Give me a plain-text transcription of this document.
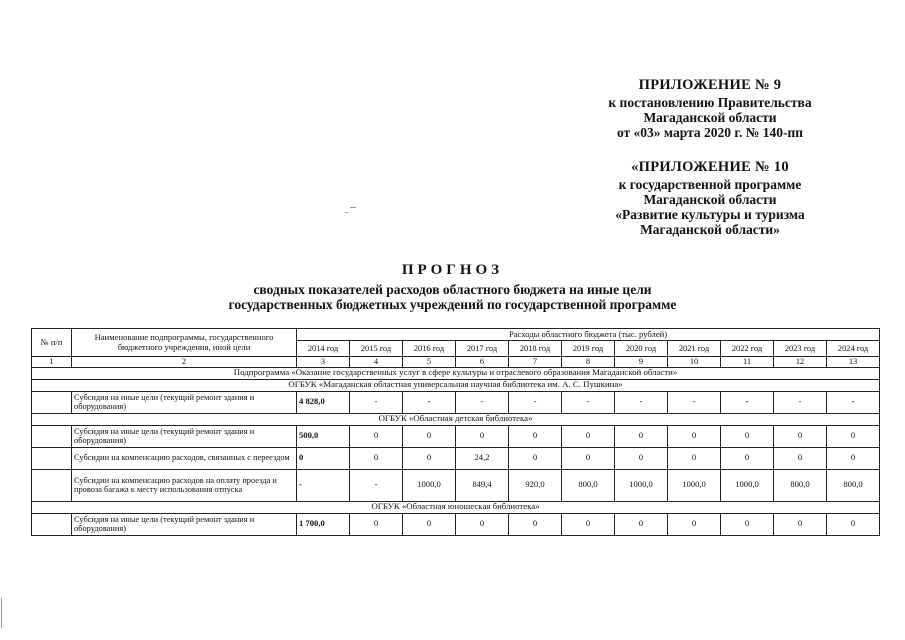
ПРИЛОЖЕНИЕ № 9
к постановлению Правительства
Магаданской области
от «03» марта 2020 г. № 140-пп
«ПРИЛОЖЕНИЕ № 10
к государственной программе
Магаданской области
«Развитие культуры и туризма
Магаданской области»
ПРОГНОЗ
сводных показателей расходов областного бюджета на иные цели
государственных бюджетных учреждений по государственной программе
№ п/п	Наименование подпрограммы, государственного бюджетного учреждения, иной цели	Расходы областного бюджета (тыс. рублей)										
		2014 год	2015 год	2016 год	2017 год	2018 год	2019 год	2020 год	2021 год	2022 год	2023 год	2024 год
1	2	3	4	5	6	7	8	9	10	11	12	13
Подпрограмма «Оказание государственных услуг в сфере культуры и отраслевого образования Магаданской области»												
ОГБУК «Магаданская областная универсальная научная библиотека им. А. С. Пушкина»												
	Субсидия на иные цели (текущий ремонт здания и оборудования)	4 828,0	-	-	-	-	-	-	-	-	-	-
ОГБУК «Областная детская библиотека»												
	Субсидия на иные цели (текущий ремонт здания и оборудования)	500,0	0	0	0	0	0	0	0	0	0	0
	Субсидии на компенсацию расходов, связанных с переездом	0	0	0	24,2	0	0	0	0	0	0	0
	Субсидии на компенсацию расходов на оплату проезда и провоза багажа к месту использования отпуска	-	-	1000,0	849,4	920,0	800,0	1000,0	1000,0	1000,0	800,0	800,0
ОГБУК «Областная юношеская библиотека»												
	Субсидия на иные цели (текущий ремонт здания и оборудования)	1 700,0	0	0	0	0	0	0	0	0	0	0
